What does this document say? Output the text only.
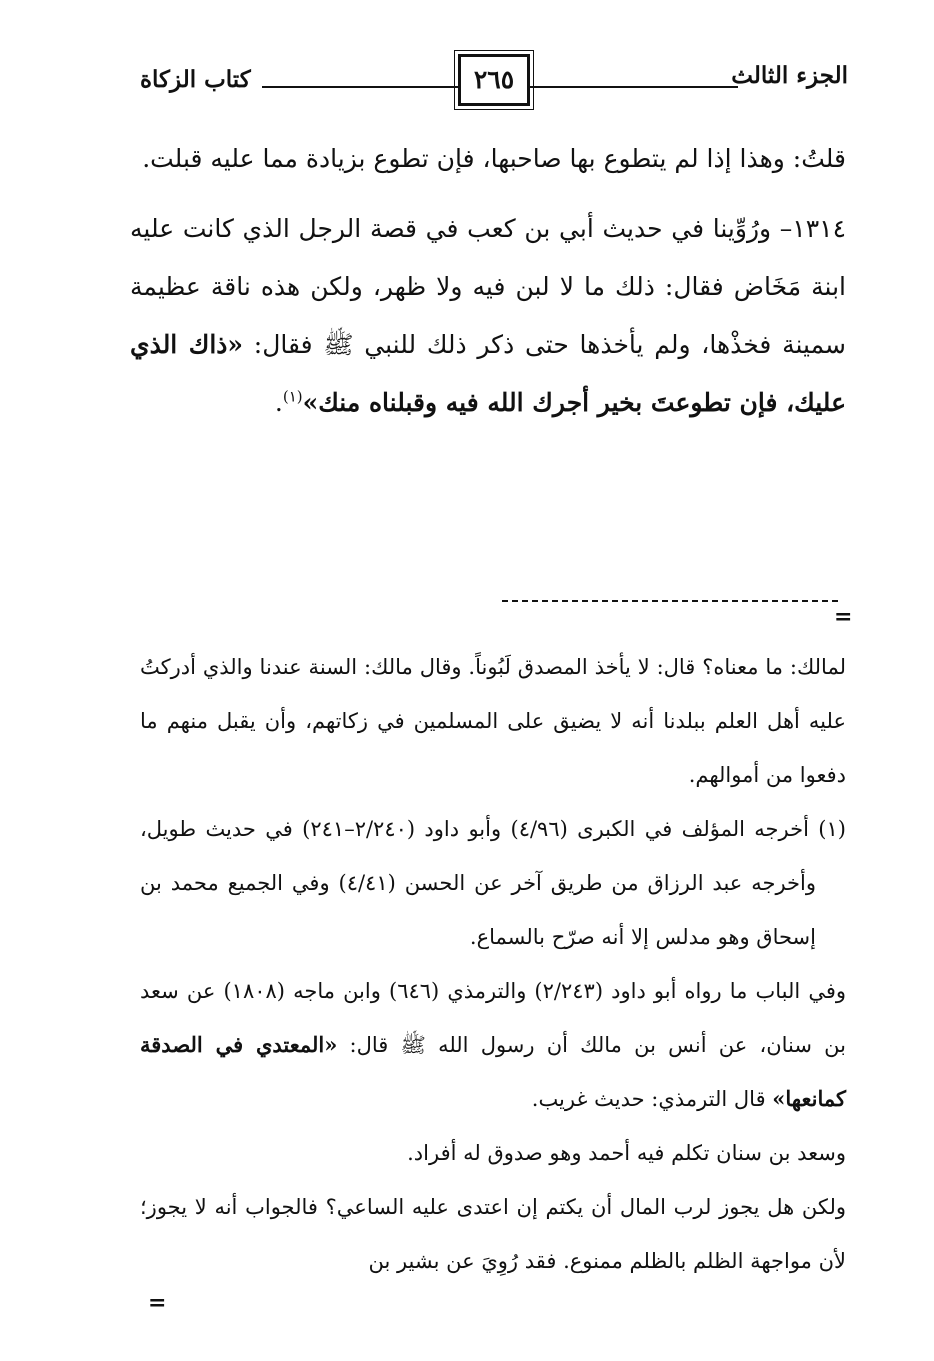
كتاب الزكاة	٢٦٥	الجزء الثالث

قلتُ: وهذا إذا لم يتطوع بها صاحبها، فإن تطوع بزيادة مما عليه قبلت.

١٣١٤– ورُوِّينا في حديث أبي بن كعب في قصة الرجل الذي كانت عليه ابنة مَخَاض فقال: ذلك ما لا لبن فيه ولا ظهر، ولكن هذه ناقة عظيمة سمينة فخذْها، ولم يأخذها حتى ذكر ذلك للنبي ﷺ فقال: «ذاك الذي عليك، فإن تطوعتَ بخير أجرك الله فيه وقبلناه منك»$^{(١)}$.

=

لمالك: ما معناه؟ قال: لا يأخذ المصدق لَبُوناً. وقال مالك: السنة عندنا والذي أدركتُ عليه أهل العلم ببلدنا أنه لا يضيق على المسلمين في زكاتهم، وأن يقبل منهم ما دفعوا من أموالهم.

(١) أخرجه المؤلف في الكبرى (٤/٩٦) وأبو داود (٢/٢٤٠–٢٤١) في حديث طويل، وأخرجه عبد الرزاق من طريق آخر عن الحسن (٤/٤١) وفي الجميع محمد بن إسحاق وهو مدلس إلا أنه صرّح بالسماع.

وفي الباب ما رواه أبو داود (٢/٢٤٣) والترمذي (٦٤٦) وابن ماجه (١٨٠٨) عن سعد بن سنان، عن أنس بن مالك أن رسول الله ﷺ قال: «المعتدي في الصدقة كمانعها» قال الترمذي: حديث غريب.

وسعد بن سنان تكلم فيه أحمد وهو صدوق له أفراد.

ولكن هل يجوز لرب المال أن يكتم إن اعتدى عليه الساعي؟ فالجواب أنه لا يجوز؛ لأن مواجهة الظلم بالظلم ممنوع. فقد رُوِيَ عن بشير بن

=
